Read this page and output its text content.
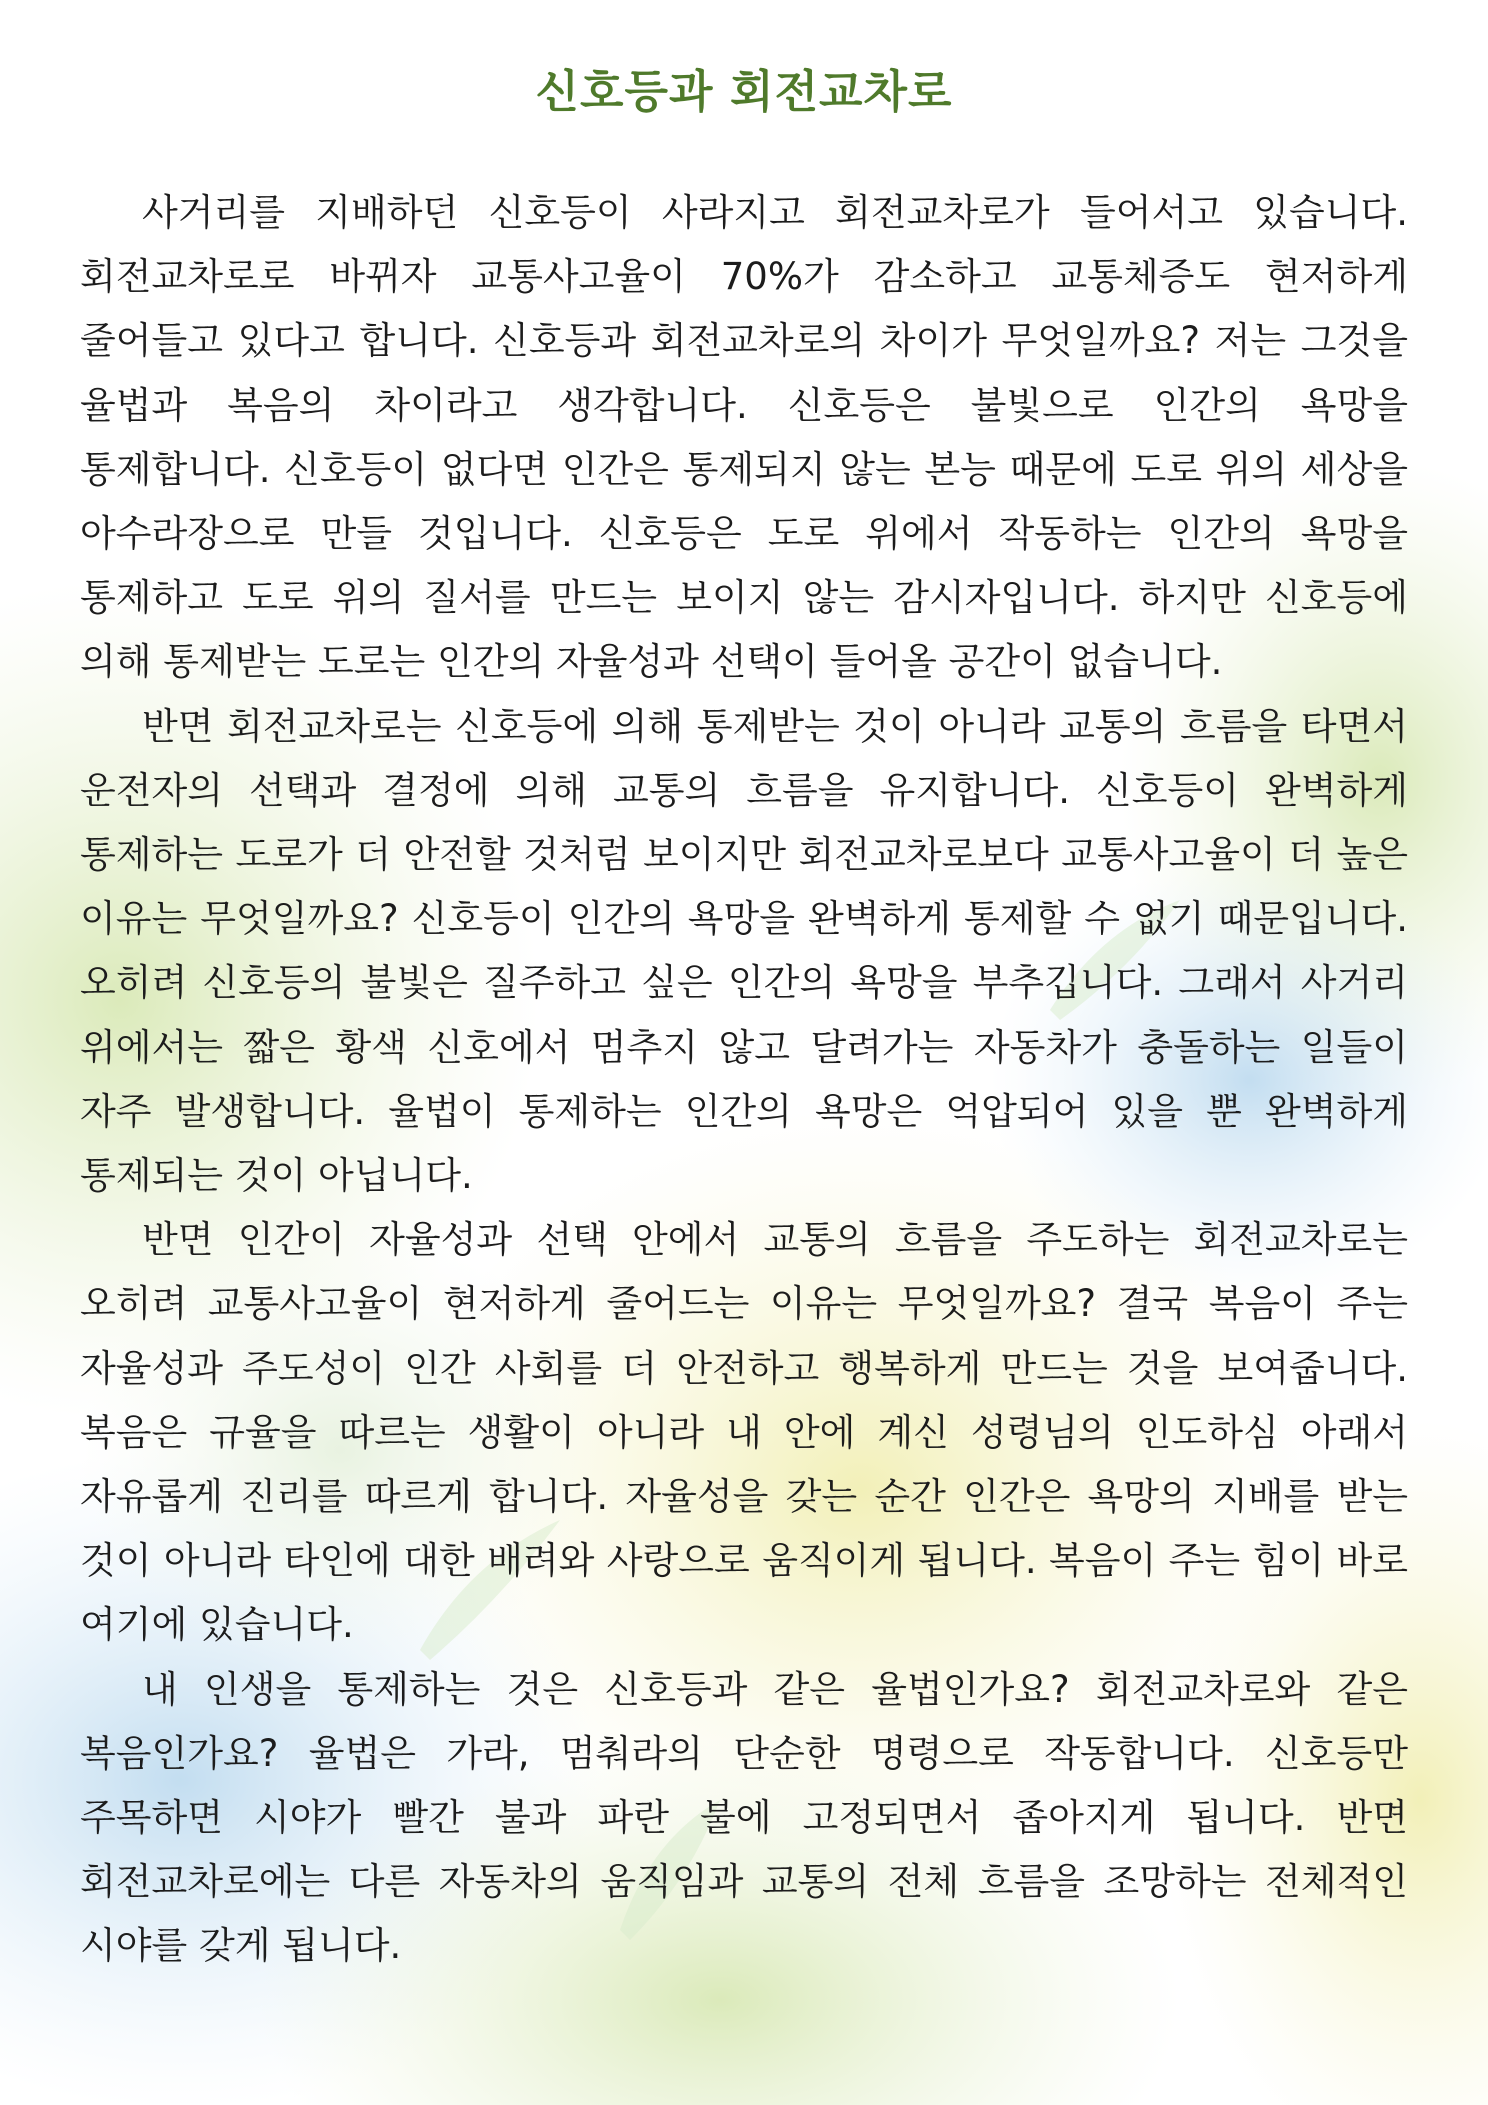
신호등과 회전교차로

사거리를 지배하던 신호등이 사라지고 회전교차로가 들어서고 있습니다. 회전교차로로 바뀌자 교통사고율이 70%가 감소하고 교통체증도 현저하게 줄어들고 있다고 합니다. 신호등과 회전교차로의 차이가 무엇일까요? 저는 그것을 율법과 복음의 차이라고 생각합니다. 신호등은 불빛으로 인간의 욕망을 통제합니다. 신호등이 없다면 인간은 통제되지 않는 본능 때문에 도로 위의 세상을 아수라장으로 만들 것입니다. 신호등은 도로 위에서 작동하는 인간의 욕망을 통제하고 도로 위의 질서를 만드는 보이지 않는 감시자입니다. 하지만 신호등에 의해 통제받는 도로는 인간의 자율성과 선택이 들어올 공간이 없습니다.

반면 회전교차로는 신호등에 의해 통제받는 것이 아니라 교통의 흐름을 타면서 운전자의 선택과 결정에 의해 교통의 흐름을 유지합니다. 신호등이 완벽하게 통제하는 도로가 더 안전할 것처럼 보이지만 회전교차로보다 교통사고율이 더 높은 이유는 무엇일까요? 신호등이 인간의 욕망을 완벽하게 통제할 수 없기 때문입니다. 오히려 신호등의 불빛은 질주하고 싶은 인간의 욕망을 부추깁니다. 그래서 사거리 위에서는 짧은 황색 신호에서 멈추지 않고 달려가는 자동차가 충돌하는 일들이 자주 발생합니다. 율법이 통제하는 인간의 욕망은 억압되어 있을 뿐 완벽하게 통제되는 것이 아닙니다.

반면 인간이 자율성과 선택 안에서 교통의 흐름을 주도하는 회전교차로는 오히려 교통사고율이 현저하게 줄어드는 이유는 무엇일까요? 결국 복음이 주는 자율성과 주도성이 인간 사회를 더 안전하고 행복하게 만드는 것을 보여줍니다. 복음은 규율을 따르는 생활이 아니라 내 안에 계신 성령님의 인도하심 아래서 자유롭게 진리를 따르게 합니다. 자율성을 갖는 순간 인간은 욕망의 지배를 받는 것이 아니라 타인에 대한 배려와 사랑으로 움직이게 됩니다. 복음이 주는 힘이 바로 여기에 있습니다.

내 인생을 통제하는 것은 신호등과 같은 율법인가요? 회전교차로와 같은 복음인가요? 율법은 가라, 멈춰라의 단순한 명령으로 작동합니다. 신호등만 주목하면 시야가 빨간 불과 파란 불에 고정되면서 좁아지게 됩니다. 반면 회전교차로에는 다른 자동차의 움직임과 교통의 전체 흐름을 조망하는 전체적인 시야를 갖게 됩니다.
